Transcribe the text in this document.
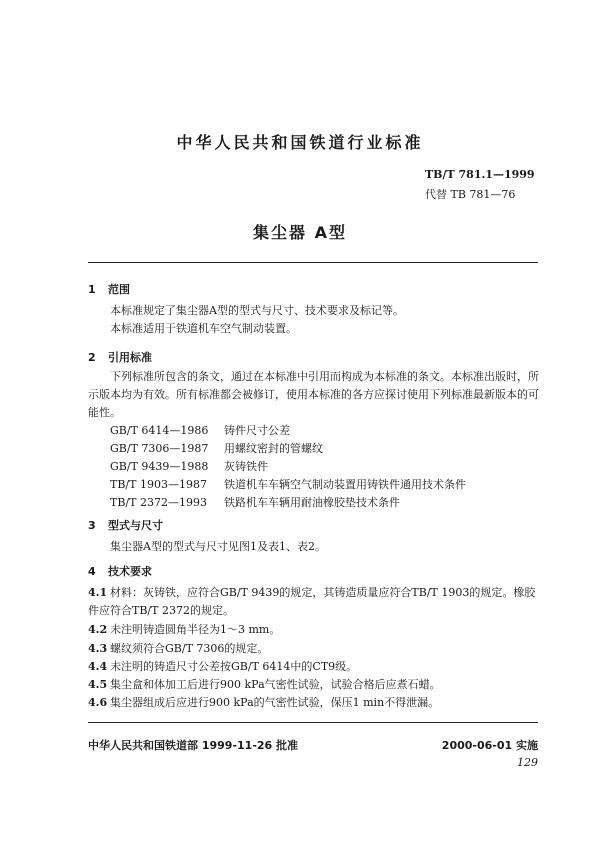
中华人民共和国铁道行业标准
TB/T 781.1—1999
代替 TB 781—76
集尘器 A型
1 范围
本标准规定了集尘器A型的型式与尺寸、技术要求及标记等。
本标准适用于铁道机车空气制动装置。
2 引用标准
下列标准所包含的条文，通过在本标准中引用而构成为本标准的条文。本标准出版时，所示版本均为有效。所有标准都会被修订，使用本标准的各方应探讨使用下列标准最新版本的可能性。
GB/T 6414—1986 铸件尺寸公差
GB/T 7306—1987 用螺纹密封的管螺纹
GB/T 9439—1988 灰铸铁件
TB/T 1903—1987 铁道机车车辆空气制动装置用铸铁件通用技术条件
TB/T 2372—1993 铁路机车车辆用耐油橡胶垫技术条件
3 型式与尺寸
集尘器A型的型式与尺寸见图1及表1、表2。
4 技术要求
4.1 材料：灰铸铁，应符合GB/T 9439的规定，其铸造质量应符合TB/T 1903的规定。橡胶件应符合TB/T 2372的规定。
4.2 未注明铸造圆角半径为1～3 mm。
4.3 螺纹须符合GB/T 7306的规定。
4.4 未注明的铸造尺寸公差按GB/T 6414中的CT9级。
4.5 集尘盒和体加工后进行900 kPa气密性试验，试验合格后应煮石蜡。
4.6 集尘器组成后应进行900 kPa的气密性试验，保压1 min不得泄漏。
中华人民共和国铁道部 1999-11-26 批准	2000-06-01 实施
129
